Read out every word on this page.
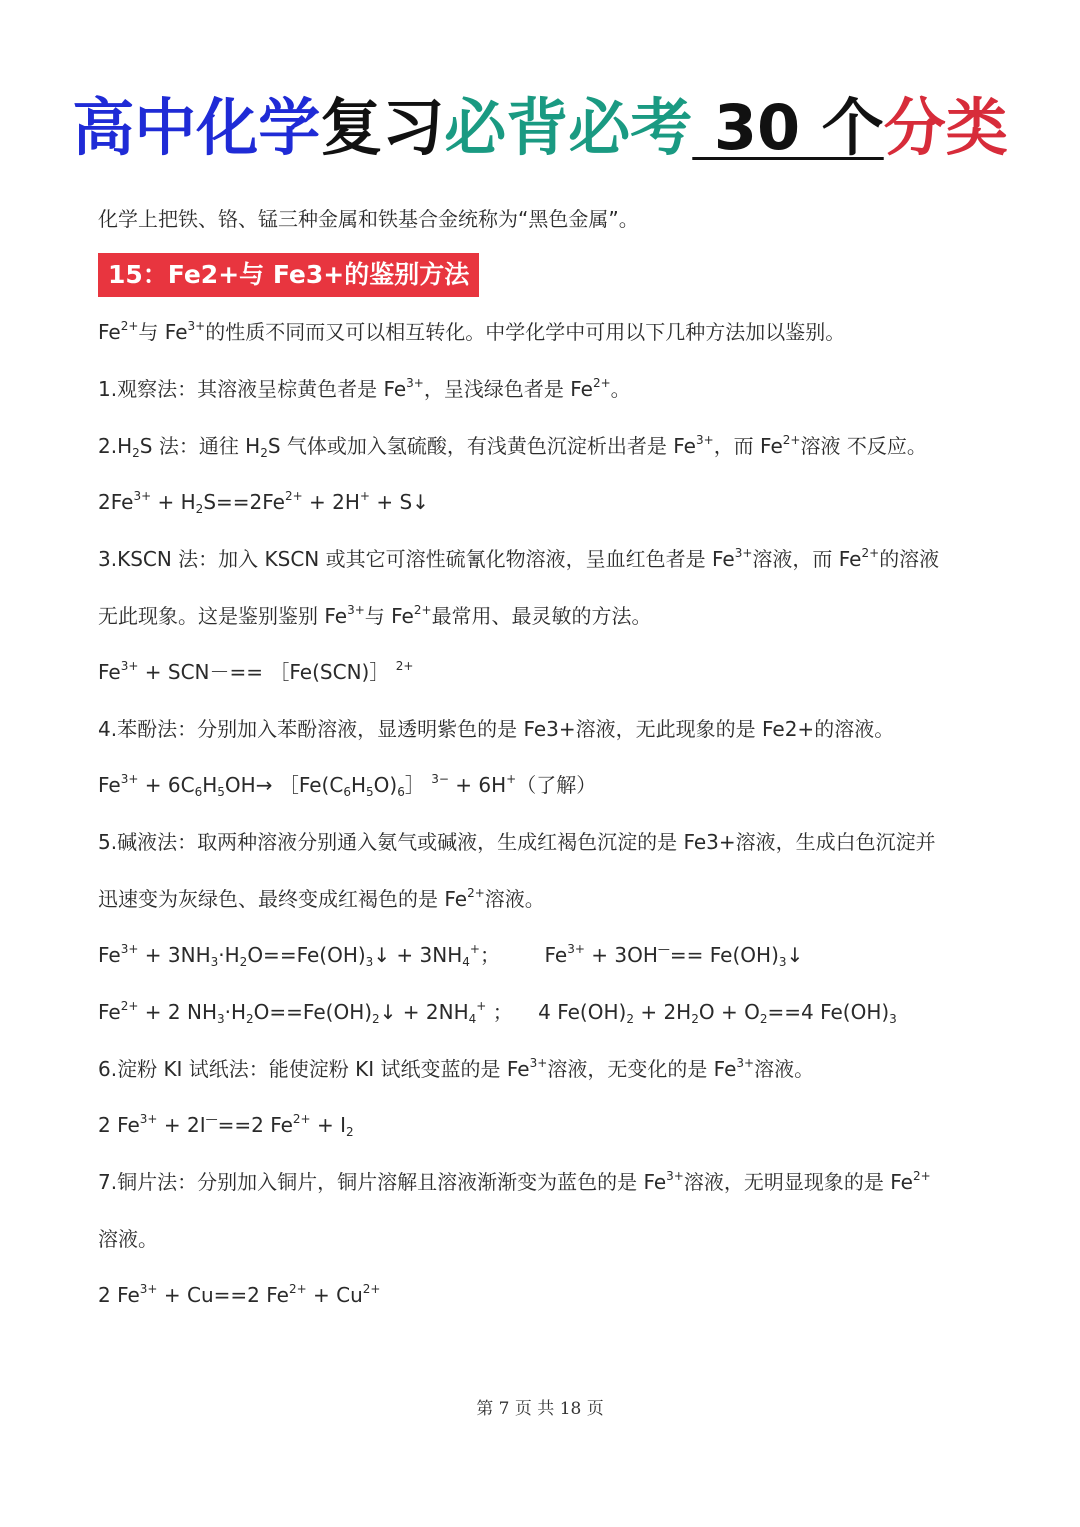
高中化学复习必背必考 30 个分类
化学上把铁、铬、锰三种金属和铁基合金统称为“黑色金属”。
15：Fe2+与 Fe3+的鉴别方法
$Fe^{2+}$与 $Fe^{3+}$的性质不同而又可以相互转化。中学化学中可用以下几种方法加以鉴别。
1.观察法：其溶液呈棕黄色者是 $Fe^{3+}$，呈浅绿色者是 $Fe^{2+}$。
$2.H_2S$ 法：通往 $H_2S$ 气体或加入氢硫酸，有浅黄色沉淀析出者是 $Fe^{3+}$，而 $Fe^{2+}$溶液 不反应。
$2Fe^{3+} + H_2S==2Fe^{2+} + 2H^+$ + S↓
3.KSCN 法：加入 KSCN 或其它可溶性硫氰化物溶液，呈血红色者是 $Fe^{3+}$溶液，而 $Fe^{2+}$的溶液
无此现象。这是鉴别鉴别 $Fe^{3+}$与 $Fe^{2+}$最常用、最灵敏的方法。
$Fe^{3+} + SCN-==$ ［Fe(SCN)］ $^{2+}$
4.苯酚法：分别加入苯酚溶液，显透明紫色的是 Fe3+溶液，无此现象的是 Fe2+的溶液。
$Fe^{3+} + 6C_6H_5OH\to$ $[Fe(C_6H_5O)_6]$ $^{3-}$ + 6H+（了解）
5.碱液法：取两种溶液分别通入氨气或碱液，生成红褐色沉淀的是 Fe3+溶液，生成白色沉淀并
迅速变为灰绿色、最终变成红褐色的是 $Fe^{2+}$溶液。
$Fe^{3+}$ + $3NH_3\cdot H_2O==Fe(OH)_3↓ + 3NH_4^+$；       $Fe^{3+} + 3OH^—==$ $Fe(OH)_3↓$
$Fe^{2+} + 2$ $NH_3\cdot H_2O==Fe(OH)_2↓ + 2NH_4^+$ ；    4 $Fe(OH)_2 + 2H_2O + O_2==4$ $Fe(OH)_3$
6.淀粉 KI 试纸法：能使淀粉 KI 试纸变蓝的是 $Fe^{3+}$溶液，无变化的是 $Fe^{3+}$溶液。
2 $Fe^{3+} + 2I^—==2$ $Fe^{2+} + I_2$
7.铜片法：分别加入铜片，铜片溶解且溶液渐渐变为蓝色的是 $Fe^{3+}$溶液，无明显现象的是 $Fe^{2+}$
溶液。
2 $Fe^{3+} + Cu==2$ $Fe^{2+} + Cu^{2+}$
第 7 页 共 18 页
